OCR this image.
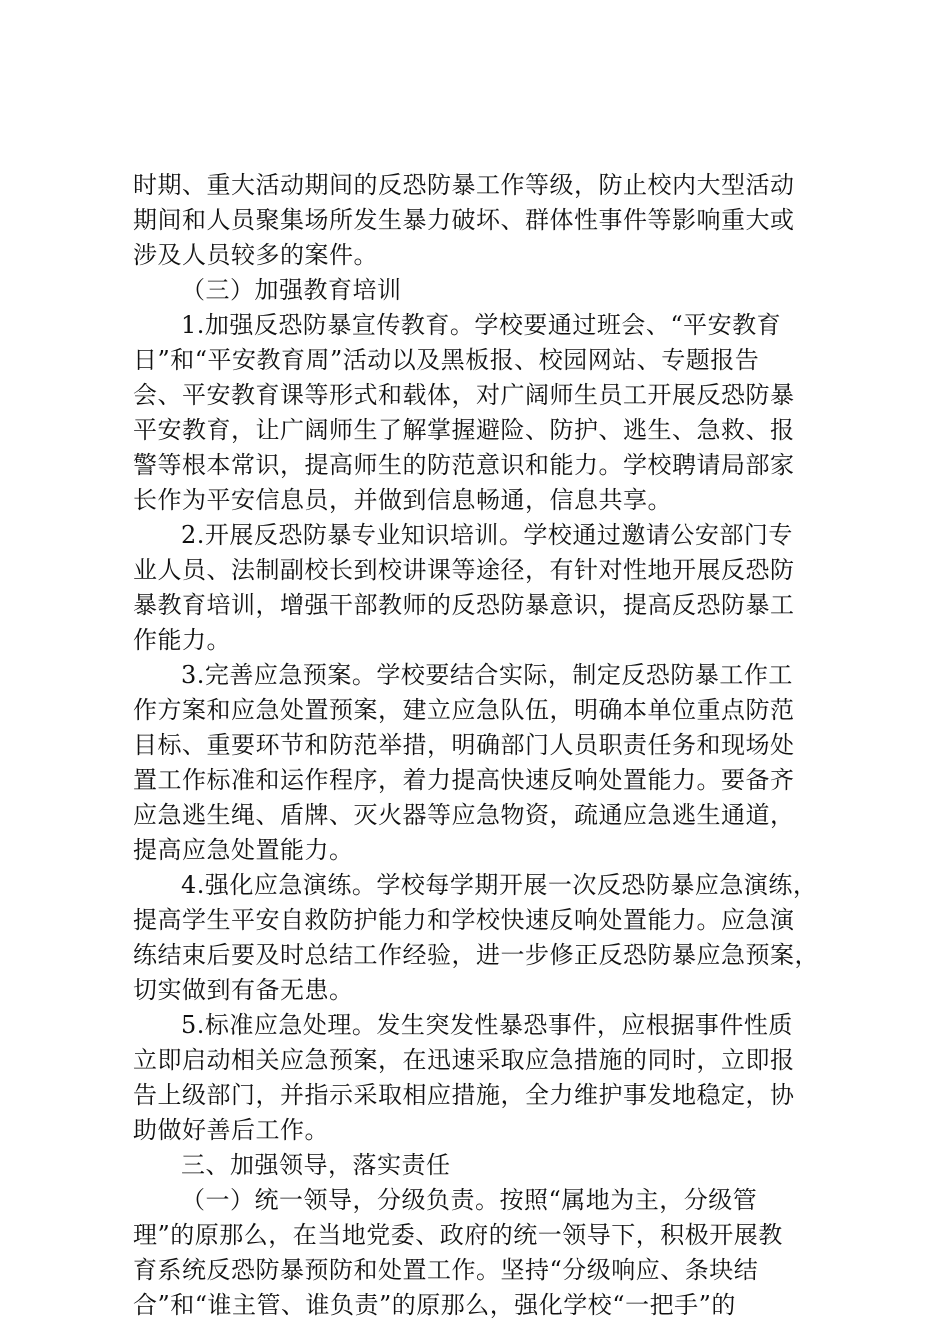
时期、重大活动期间的反恐防暴工作等级，防止校内大型活动
期间和人员聚集场所发生暴力破坏、群体性事件等影响重大或
涉及人员较多的案件。
（三）加强教育培训
1.加强反恐防暴宣传教育。学校要通过班会、“平安教育
日”和“平安教育周”活动以及黑板报、校园网站、专题报告
会、平安教育课等形式和载体，对广阔师生员工开展反恐防暴
平安教育，让广阔师生了解掌握避险、防护、逃生、急救、报
警等根本常识，提高师生的防范意识和能力。学校聘请局部家
长作为平安信息员，并做到信息畅通，信息共享。
2.开展反恐防暴专业知识培训。学校通过邀请公安部门专
业人员、法制副校长到校讲课等途径，有针对性地开展反恐防
暴教育培训，增强干部教师的反恐防暴意识，提高反恐防暴工
作能力。
3.完善应急预案。学校要结合实际，制定反恐防暴工作工
作方案和应急处置预案，建立应急队伍，明确本单位重点防范
目标、重要环节和防范举措，明确部门人员职责任务和现场处
置工作标准和运作程序，着力提高快速反响处置能力。要备齐
应急逃生绳、盾牌、灭火器等应急物资，疏通应急逃生通道，
提高应急处置能力。
4.强化应急演练。学校每学期开展一次反恐防暴应急演练，
提高学生平安自救防护能力和学校快速反响处置能力。应急演
练结束后要及时总结工作经验，进一步修正反恐防暴应急预案，
切实做到有备无患。
5.标准应急处理。发生突发性暴恐事件，应根据事件性质
立即启动相关应急预案，在迅速采取应急措施的同时，立即报
告上级部门，并指示采取相应措施，全力维护事发地稳定，协
助做好善后工作。
三、加强领导，落实责任
（一）统一领导，分级负责。按照“属地为主，分级管
理”的原那么，在当地党委、政府的统一领导下，积极开展教
育系统反恐防暴预防和处置工作。坚持“分级响应、条块结
合”和“谁主管、谁负责”的原那么，强化学校“一把手”的
